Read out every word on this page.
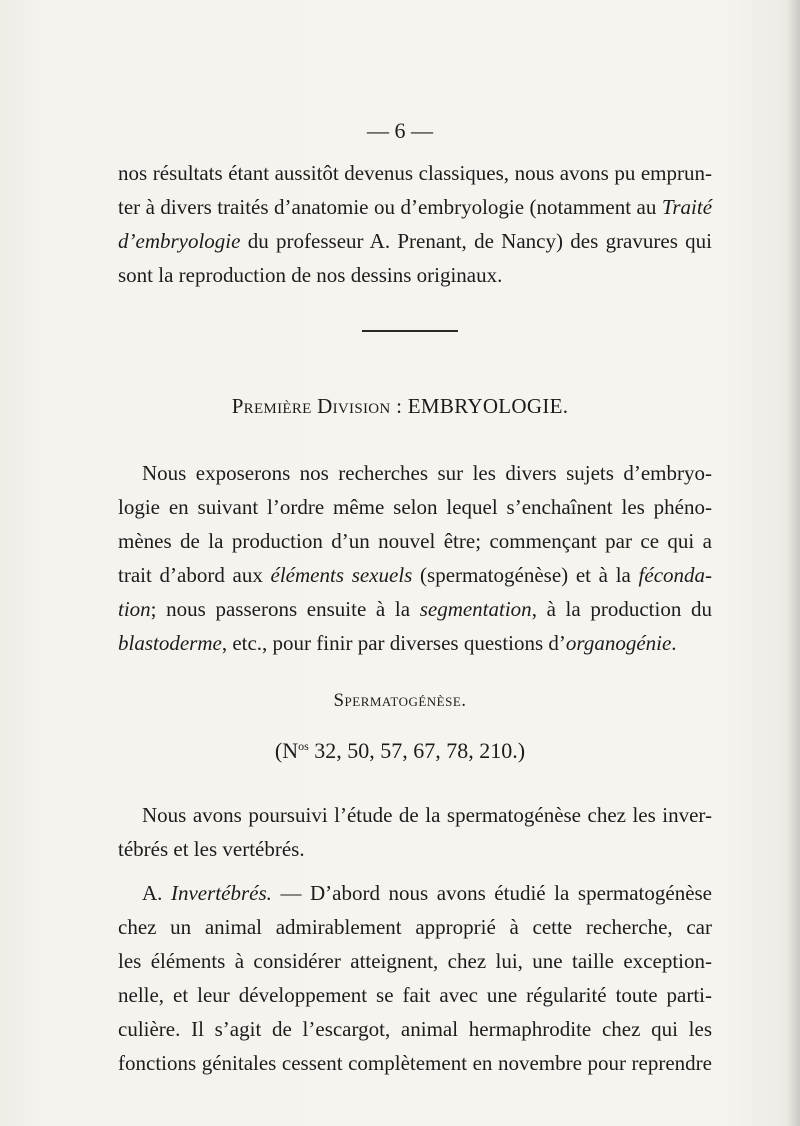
— 6 —
nos résultats étant aussitôt devenus classiques, nous avons pu emprun-
ter à divers traités d’anatomie ou d’embryologie (notamment au Traité
d’embryologie du professeur A. Prenant, de Nancy) des gravures qui
sont la reproduction de nos dessins originaux.
Première Division : EMBRYOLOGIE.
Nous exposerons nos recherches sur les divers sujets d’embryo-
logie en suivant l’ordre même selon lequel s’enchaînent les phéno-
mènes de la production d’un nouvel être; commençant par ce qui a
trait d’abord aux éléments sexuels (spermatogénèse) et à la féconda-
tion; nous passerons ensuite à la segmentation, à la production du
blastoderme, etc., pour finir par diverses questions d’organogénie.
Spermatogénèse.
($N^{os}$ 32, 50, 57, 67, 78, 210.)
Nous avons poursuivi l’étude de la spermatogénèse chez les inver-
tébrés et les vertébrés.
A. Invertébrés. — D’abord nous avons étudié la spermatogénèse
chez un animal admirablement approprié à cette recherche, car
les éléments à considérer atteignent, chez lui, une taille exception-
nelle, et leur développement se fait avec une régularité toute parti-
culière. Il s’agit de l’escargot, animal hermaphrodite chez qui les
fonctions génitales cessent complètement en novembre pour reprendre
